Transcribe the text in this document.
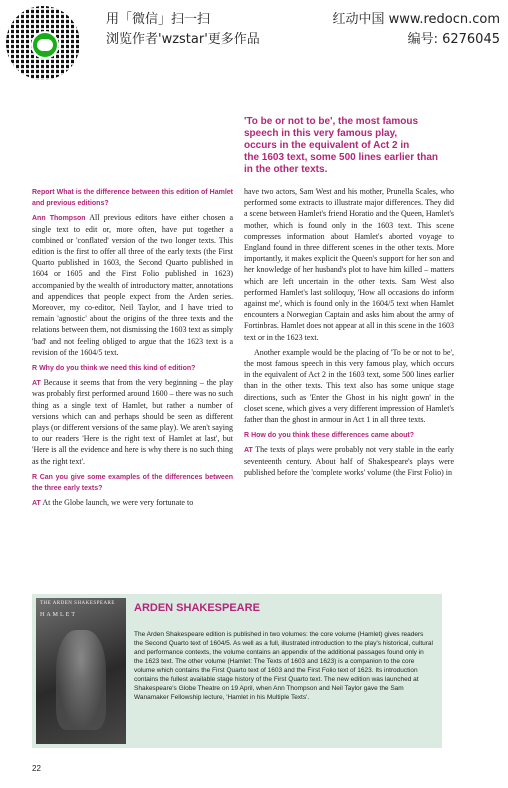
用「微信」扫一扫
浏览作者'wzstar'更多作品
红动中国 www.redocn.com
编号: 6276045
'To be or not to be', the most famous
speech in this very famous play,
occurs in the equivalent of Act 2 in
the 1603 text, some 500 lines earlier than
in the other texts.

Report What is the difference between this edition of Hamlet and previous editions?

Ann Thompson All previous editors have either chosen a single text to edit or, more often, have put together a combined or 'conflated' version of the two longer texts. This edition is the first to offer all three of the early texts (the First Quarto published in 1603, the Second Quarto published in 1604 or 1605 and the First Folio published in 1623) accompanied by the wealth of introductory matter, annotations and appendices that people expect from the Arden series. Moreover, my co-editor, Neil Taylor, and I have tried to remain 'agnostic' about the origins of the three texts and the relations between them, not dismissing the 1603 text as simply 'bad' and not feeling obliged to argue that the 1623 text is a revision of the 1604/5 text.

R Why do you think we need this kind of edition?

AT Because it seems that from the very beginning – the play was probably first performed around 1600 – there was no such thing as a single text of Hamlet, but rather a number of versions which can and perhaps should be seen as different plays (or different versions of the same play). We aren't saying to our readers 'Here is the right text of Hamlet at last', but 'Here is all the evidence and here is why there is no such thing as the right text'.

R Can you give some examples of the differences between the three early texts?

AT At the Globe launch, we were very fortunate to

have two actors, Sam West and his mother, Prunella Scales, who performed some extracts to illustrate major differences. They did a scene between Hamlet's friend Horatio and the Queen, Hamlet's mother, which is found only in the 1603 text. This scene compresses information about Hamlet's aborted voyage to England found in three different scenes in the other texts. More importantly, it makes explicit the Queen's support for her son and her knowledge of her husband's plot to have him killed – matters which are left uncertain in the other texts. Sam West also performed Hamlet's last soliloquy, 'How all occasions do inform against me', which is found only in the 1604/5 text when Hamlet encounters a Norwegian Captain and asks him about the army of Fortinbras. Hamlet does not appear at all in this scene in the 1603 text or in the 1623 text.

Another example would be the placing of 'To be or not to be', the most famous speech in this very famous play, which occurs in the equivalent of Act 2 in the 1603 text, some 500 lines earlier than in the other texts. This text also has some unique stage directions, such as 'Enter the Ghost in his night gown' in the closet scene, which gives a very different impression of Hamlet's father than the ghost in armour in Act 1 in all three texts.

R How do you think these differences came about?

AT The texts of plays were probably not very stable in the early seventeenth century. About half of Shakespeare's plays were published before the 'complete works' volume (the First Folio) in

THE ARDEN SHAKESPEARE
HAMLET
ARDEN SHAKESPEARE
The Arden Shakespeare edition is published in two volumes: the core volume (Hamlet) gives readers the Second Quarto text of 1604/5. As well as a full, illustrated introduction to the play's historical, cultural and performance contexts, the volume contains an appendix of the additional passages found only in the 1623 text. The other volume (Hamlet: The Texts of 1603 and 1623) is a companion to the core volume which contains the First Quarto text of 1603 and the First Folio text of 1623. Its introduction contains the fullest available stage history of the First Quarto text. The new edition was launched at Shakespeare's Globe Theatre on 19 April, when Ann Thompson and Neil Taylor gave the Sam Wanamaker Fellowship lecture, 'Hamlet in his Multiple Texts'.
22
